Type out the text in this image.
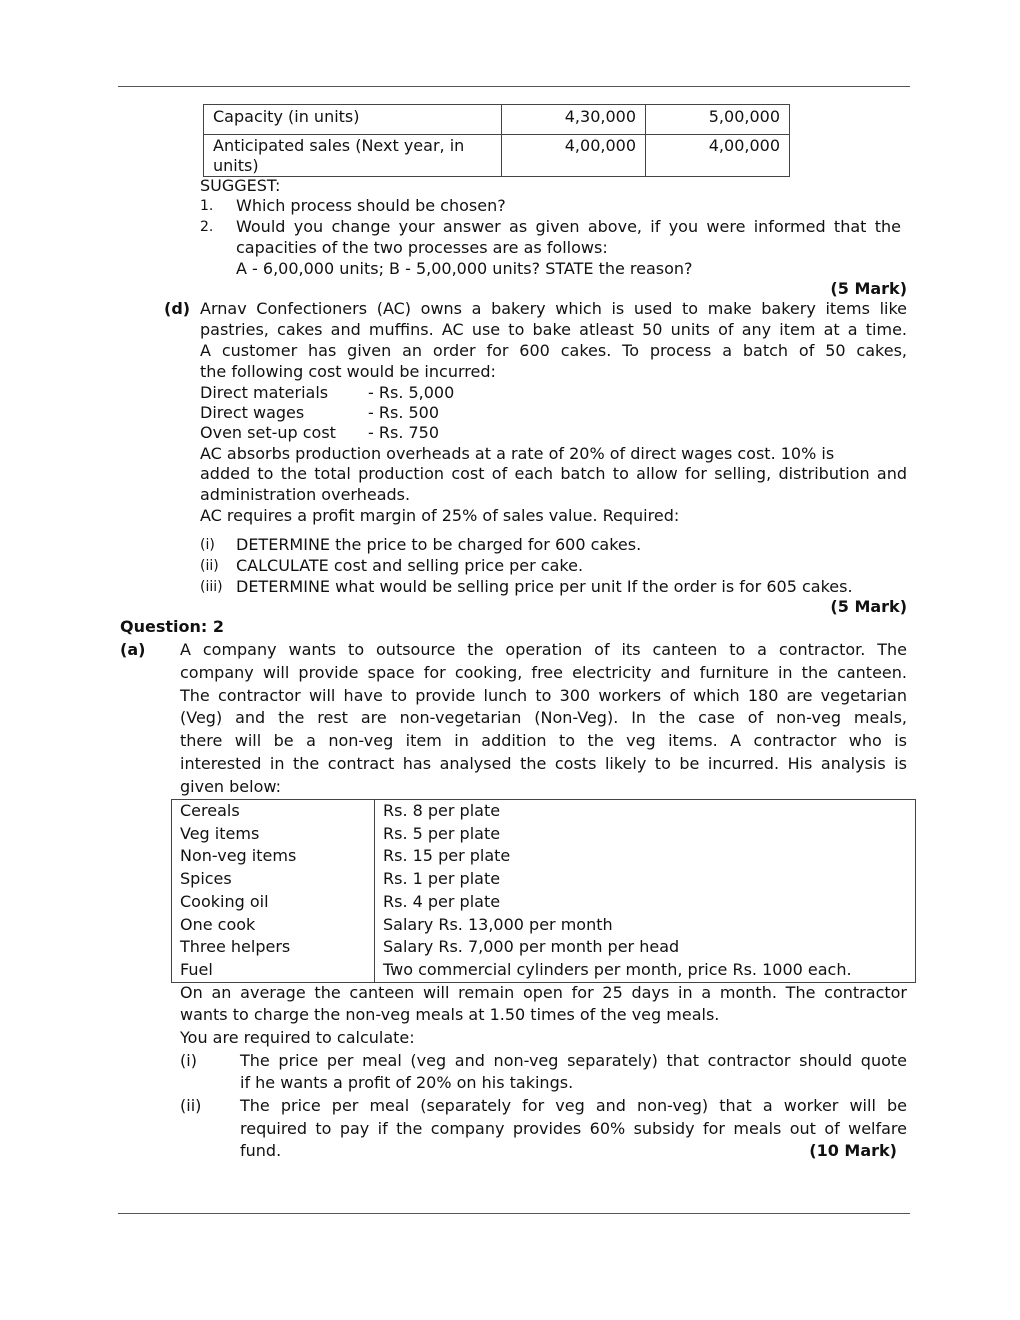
Capacity (in units)	4,30,000	5,00,000
Anticipated sales (Next year, in
units)	4,00,000	4,00,000
SUGGEST:
1. Which process should be chosen?
2. Would you change your answer as given above, if you were informed that the
capacities of the two processes are as follows:
A - 6,00,000 units; B - 5,00,000 units? STATE the reason?
(5 Mark)
(d) Arnav Confectioners (AC) owns a bakery which is used to make bakery items like
pastries, cakes and muffins. AC use to bake atleast 50 units of any item at a time.
A customer has given an order for 600 cakes. To process a batch of 50 cakes,
the following cost would be incurred:
Direct materials - Rs. 5,000
Direct wages	- Rs. 500
Oven set-up cost - Rs. 750
AC absorbs production overheads at a rate of 20% of direct wages cost. 10% is
added to the total production cost of each batch to allow for selling, distribution and
administration overheads.
AC requires a profit margin of 25% of sales value. Required:
(i) DETERMINE the price to be charged for 600 cakes.
(ii) CALCULATE cost and selling price per cake.
(iii) DETERMINE what would be selling price per unit If the order is for 605 cakes.
(5 Mark)
Question: 2
(a) A company wants to outsource the operation of its canteen to a contractor. The
company will provide space for cooking, free electricity and furniture in the canteen.
The contractor will have to provide lunch to 300 workers of which 180 are vegetarian
(Veg) and the rest are non-vegetarian (Non-Veg). In the case of non-veg meals,
there will be a non-veg item in addition to the veg items. A contractor who is
interested in the contract has analysed the costs likely to be incurred. His analysis is
given below:
Cereals	Rs. 8 per plate
Veg items	Rs. 5 per plate
Non-veg items	Rs. 15 per plate
Spices	Rs. 1 per plate
Cooking oil	Rs. 4 per plate
One cook	Salary Rs. 13,000 per month
Three helpers	Salary Rs. 7,000 per month per head
Fuel	Two commercial cylinders per month, price Rs. 1000 each.
On an average the canteen will remain open for 25 days in a month. The contractor
wants to charge the non-veg meals at 1.50 times of the veg meals.
You are required to calculate:
(i)	The price per meal (veg and non-veg separately) that contractor should quote
if he wants a profit of 20% on his takings.
(ii) The price per meal (separately for veg and non-veg) that a worker will be
required to pay if the company provides 60% subsidy for meals out of welfare
fund.	(10 Mark)
